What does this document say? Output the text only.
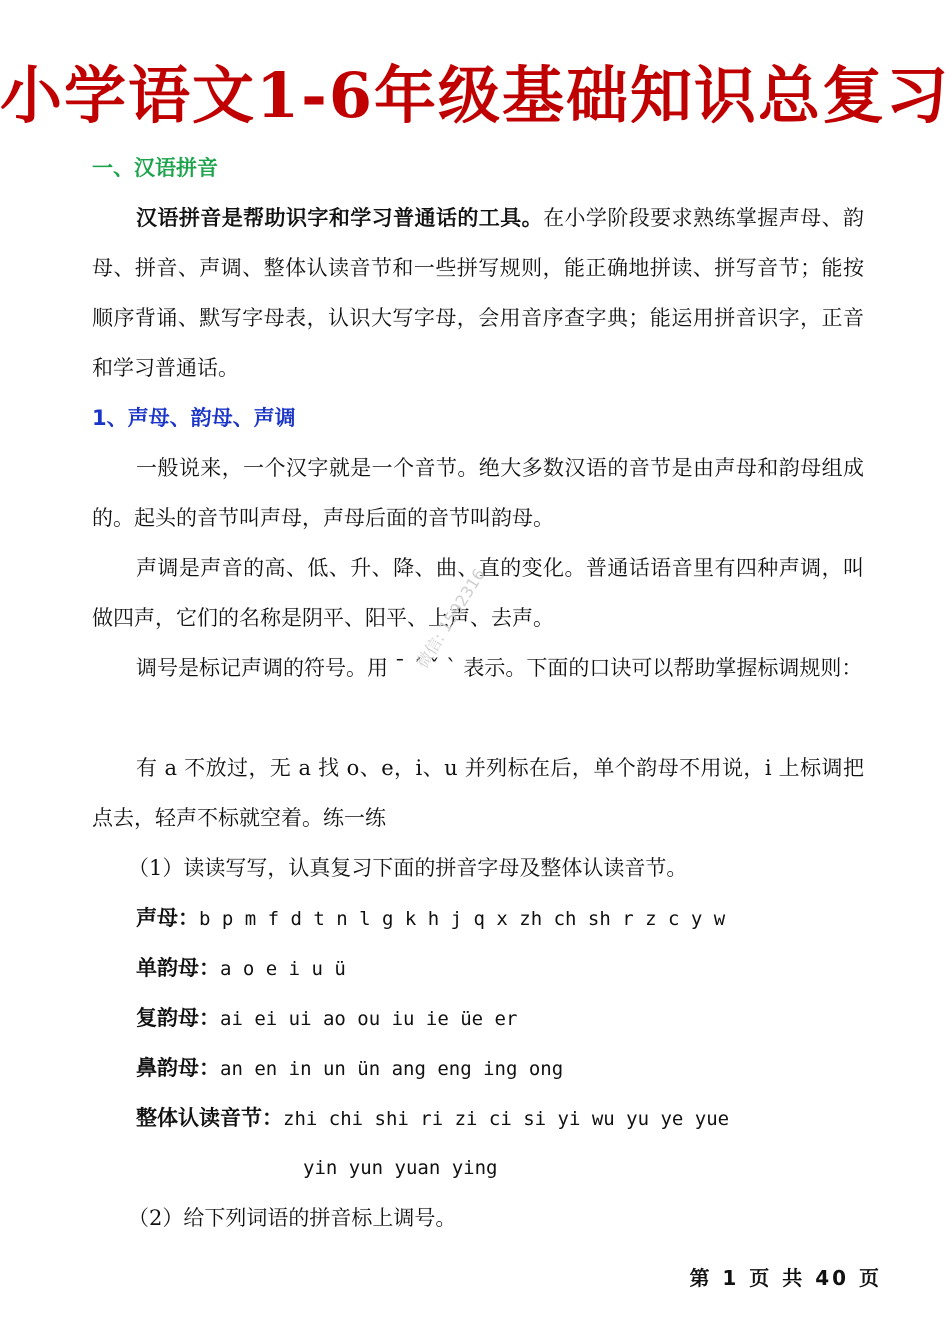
小学语文1-6年级基础知识总复习
一、汉语拼音

汉语拼音是帮助识字和学习普通话的工具。在小学阶段要求熟练掌握声母、韵母、拼音、声调、整体认读音节和一些拼写规则，能正确地拼读、拼写音节；能按顺序背诵、默写字母表，认识大写字母，会用音序查字典；能运用拼音识字，正音和学习普通话。

1、声母、韵母、声调

一般说来，一个汉字就是一个音节。绝大多数汉语的音节是由声母和韵母组成的。起头的音节叫声母，声母后面的音节叫韵母。

声调是声音的高、低、升、降、曲、直的变化。普通话语音里有四种声调，叫做四声，它们的名称是阴平、阳平、上声、去声。

调号是标记声调的符号。用 ˉ ˊ ˇ ˋ 表示。下面的口诀可以帮助掌握标调规则：

有 a 不放过，无 a 找 o、e，i、u 并列标在后，单个韵母不用说，i 上标调把点去，轻声不标就空着。练一练

（1）读读写写，认真复习下面的拼音字母及整体认读音节。
声母：b p m f d t n l g k h j q x zh ch sh r z c y w
单韵母：a o e i u ü
复韵母：ai ei ui ao ou iu ie üe er
鼻韵母：an en in un ün ang eng ing ong
整体认读音节：zhi chi shi ri zi ci si yi wu yu ye yue
yin yun yuan ying
（2）给下列词语的拼音标上调号。
微信: 1592316
第 1 页 共 40 页
